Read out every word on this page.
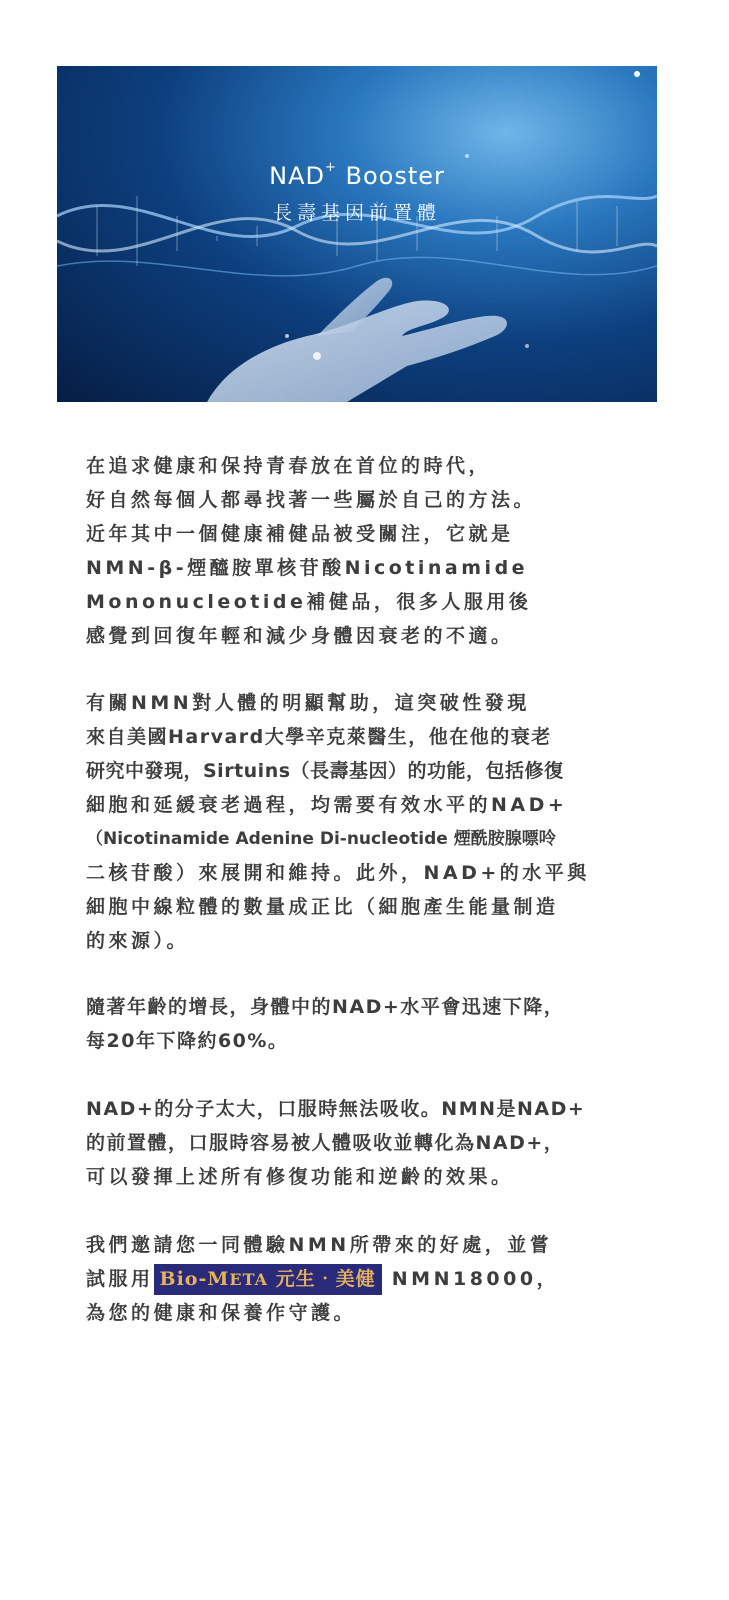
NAD+ Booster
長壽基因前置體

在追求健康和保持青春放在首位的時代，
好自然每個人都尋找著一些屬於自己的方法。
近年其中一個健康補健品被受關注，它就是
NMN-β-煙醯胺單核苷酸Nicotinamide
Mononucleotide補健品，很多人服用後
感覺到回復年輕和減少身體因衰老的不適。

有關NMN對人體的明顯幫助，這突破性發現
來自美國Harvard大學辛克萊醫生，他在他的衰老
研究中發現，Sirtuins（長壽基因）的功能，包括修復
細胞和延緩衰老過程，均需要有效水平的NAD+
（Nicotinamide Adenine Di-nucleotide 煙酰胺腺嘌呤
二核苷酸）來展開和維持。此外，NAD+的水平與
細胞中線粒體的數量成正比（細胞產生能量制造
的來源）。

隨著年齡的增長，身體中的NAD+水平會迅速下降，
每20年下降約60%。

NAD+的分子太大，口服時無法吸收。NMN是NAD+
的前置體，口服時容易被人體吸收並轉化為NAD+，
可以發揮上述所有修復功能和逆齡的效果。

我們邀請您一同體驗NMN所帶來的好處，並嘗
試服用 Bio-META 元生‧美健 NMN18000，
為您的健康和保養作守護。
